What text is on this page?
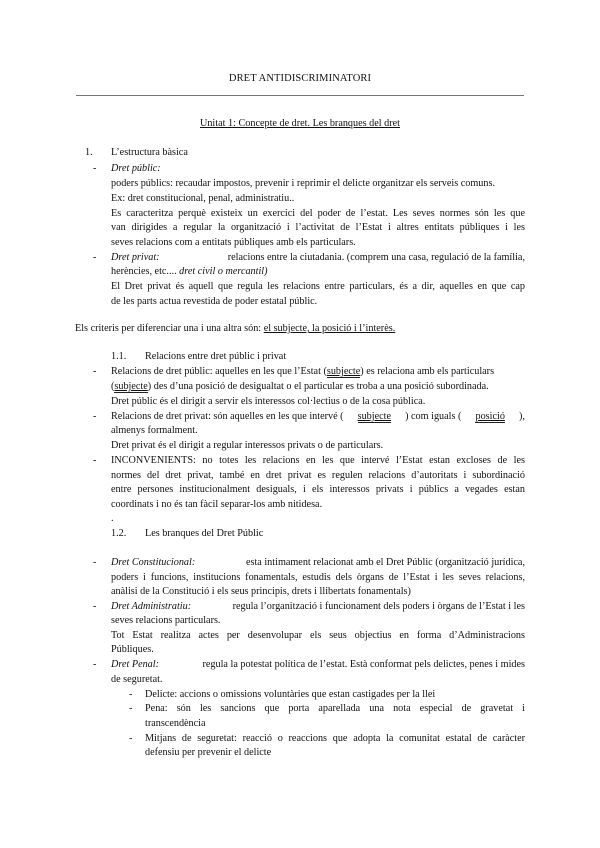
DRET ANTIDISCRIMINATORI
Unitat 1: Concepte de dret. Les branques del dret
1. L’estructura bàsica
- Dret públic:
poders públics: recaudar impostos, prevenir i reprimir el delicte organitzar els serveis comuns.
Ex: dret constitucional, penal, administratiu..
Es caracteritza perquè existeix un exercici del poder de l’estat. Les seves normes són les que
van dirigides a regular la organització i l’activitat de l’Estat i altres entitats públiques i les
seves relacions com a entitats públiques amb els particulars.
- Dret privat:	relacions entre la ciutadania. (comprem una casa, regulació de la família,
herències, etc.... dret civil o mercantil)
El Dret privat és aquell que regula les relacions entre particulars, és a dir, aquelles en que cap
de les parts actua revestida de poder estatal públic.
Els criteris per diferenciar una i una altra són: el subjecte, la posició i l’interès.
1.1. Relacions entre dret públic i privat
- Relacions de dret públic: aquelles en les que l’Estat (subjecte) es relaciona amb els particulars
(subjecte) des d’una posició de desigualtat o el particular es troba a una posició subordinada.
Dret públic és el dirigit a servir els interessos col·lectius o de la cosa pública.
- Relacions de dret privat: són aquelles en les que intervé ( subjecte ) com iguals ( posició ),
almenys formalment.
Dret privat és el dirigit a regular interessos privats o de particulars.
- INCONVENIENTS: no totes les relacions en les que intervé l’Estat estan excloses de les
normes del dret privat, també en dret privat es regulen relacions d’autoritats i subordinació
entre persones institucionalment desiguals, i els interessos privats i públics a vegades estan
coordinats i no és tan fàcil separar-los amb nitidesa.
.
1.2. Les branques del Dret Públic
- Dret Constitucional:	esta intimament relacionat amb el Dret Públic (organització jurídica,
poders i funcions, institucions fonamentals, estudis dels òrgans de l’Estat i les seves relacions,
anàlisi de la Constitució i els seus principis, drets i llibertats fonamentals)
- Dret Administratiu:	regula l’organització i funcionament dels poders i òrgans de l’Estat i les
seves relacions particulars.
Tot Estat realitza actes per desenvolupar els seus objectius en forma d’Administracions
Públiques.
- Dret Penal:	regula la potestat política de l’estat. Està conformat pels delictes, penes i mides
de seguretat.
- Delicte: accions o omissions voluntàries que estan castigades per la llei
- Pena: són les sancions que porta aparellada una nota especial de gravetat i
transcendència
- Mitjans de seguretat: reacció o reaccions que adopta la comunitat estatal de caràcter
defensiu per prevenir el delicte
